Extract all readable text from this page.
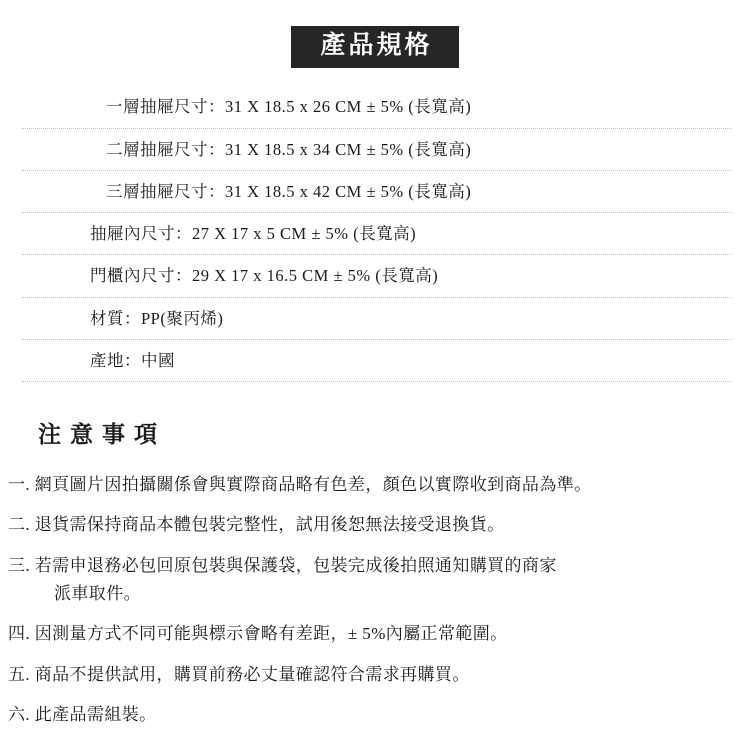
產品規格
一層抽屜尺寸：31 X 18.5 x 26 CM ± 5% (長寬高)
二層抽屜尺寸：31 X 18.5 x 34 CM ± 5% (長寬高)
三層抽屜尺寸：31 X 18.5 x 42 CM ± 5% (長寬高)
抽屜內尺寸：27 X 17 x 5 CM ± 5% (長寬高)
門櫃內尺寸：29 X 17 x 16.5 CM ± 5% (長寬高)
材質：PP(聚丙烯)
產地：中國
注意事項
一. 網頁圖片因拍攝關係會與實際商品略有色差，顏色以實際收到商品為準。
二. 退貨需保持商品本體包裝完整性，試用後恕無法接受退換貨。
三. 若需申退務必包回原包裝與保護袋，包裝完成後拍照通知購買的商家
派車取件。
四. 因測量方式不同可能與標示會略有差距，± 5%內屬正常範圍。
五. 商品不提供試用，購買前務必丈量確認符合需求再購買。
六. 此產品需組裝。
